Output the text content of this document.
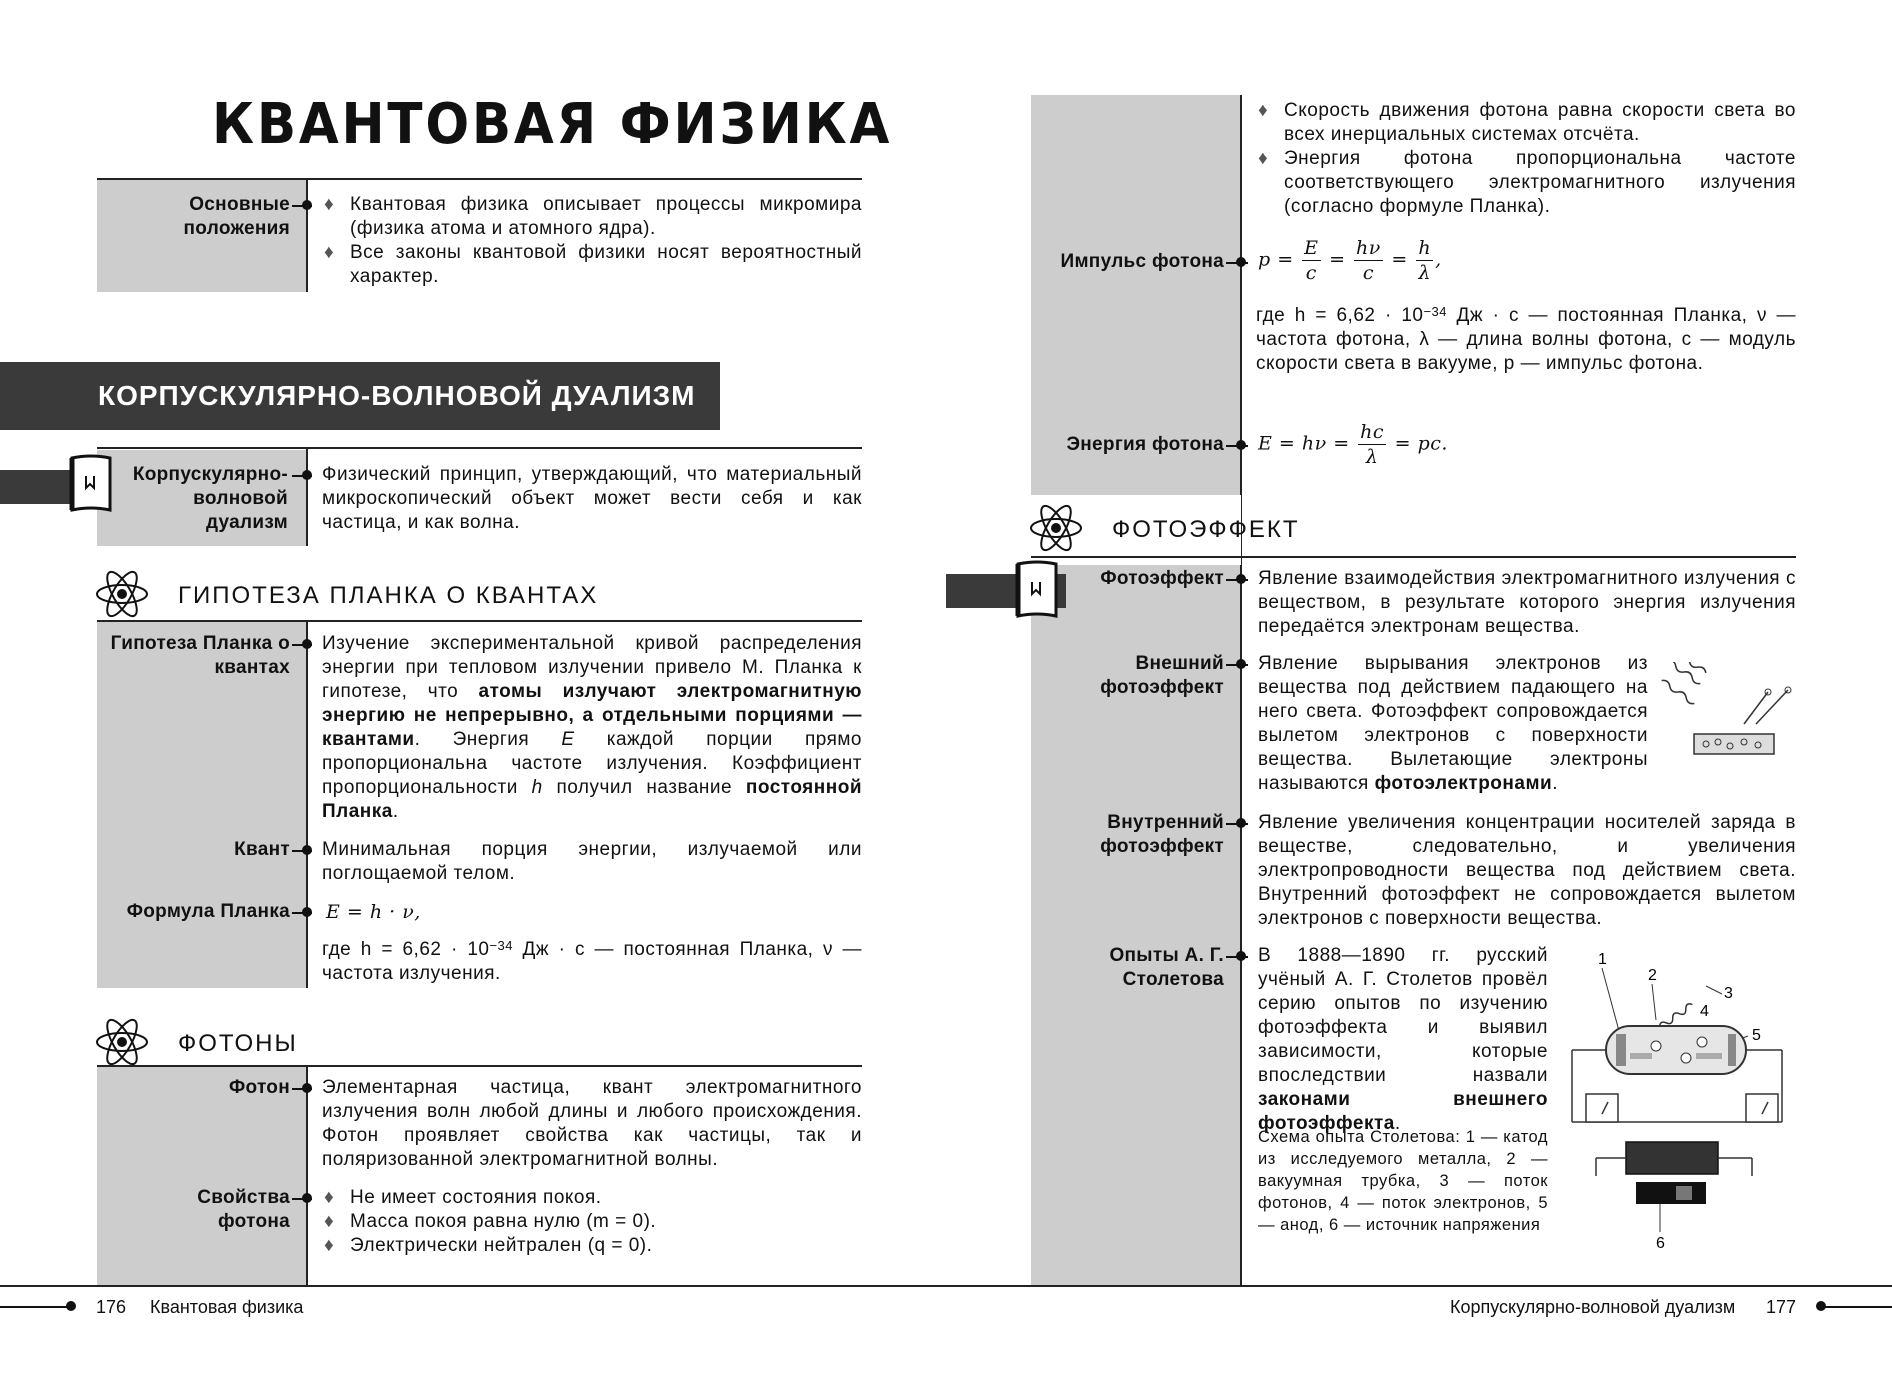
КВАНТОВАЯ ФИЗИКА
Основные положения

♦ Квантовая физика описывает процессы микромира (физика атома и атомного ядра).

♦ Все законы квантовой физики носят вероятностный характер.

КОРПУСКУЛЯРНО-ВОЛНОВОЙ ДУАЛИЗМ
Корпускулярно-волновой дуализм
Физический принцип, утверждающий, что материальный микроскопический объект может вести себя и как частица, и как волна.
ГИПОТЕЗА ПЛАНКА О КВАНТАХ
Гипотеза Планка о квантах
Изучение экспериментальной кривой распределения энергии при тепловом излучении привело М. Планка к гипотезе, что атомы излучают электромагнитную энергию не непрерывно, а отдельными порциями — квантами. Энергия E каждой порции прямо пропорциональна частоте излучения. Коэффициент пропорциональности h получил название постоянной Планка.
Квант Минимальная порция энергии, излучаемой или поглощаемой телом.
Формула Планка E = h · ν,
где $h = 6,62 \cdot 10^{-34}$ Дж · с — постоянная Планка, ν — частота излучения.
ФОТОНЫ
Фотон Элементарная частица, квант электромагнитного излучения волн любой длины и любого происхождения. Фотон проявляет свойства как частицы, так и поляризованной электромагнитной волны.
Свойства фотона

♦ Не имеет состояния покоя.

♦ Масса покоя равна нулю (m = 0).

♦ Электрически нейтрален (q = 0).

176 Квантовая физика

♦ Скорость движения фотона равна скорости света во всех инерциальных системах отсчёта.

♦ Энергия фотона пропорциональна частоте соответствующего электромагнитного излучения (согласно формуле Планка).

Импульс фотона $p = \frac{E}{c} = \frac{h\nu}{c} = \frac{h}{\lambda}$ ,
где $h = 6,62 \cdot 10^{-34}$ Дж · с — постоянная Планка, ν — частота фотона, λ — длина волны фотона, c — модуль скорости света в вакууме, p — импульс фотона.
Энергия фотона $E = h\nu = \frac{hc}{\lambda}$ = pc.
ФОТОЭФФЕКТ
Фотоэффект Явление взаимодействия электромагнитного излучения с веществом, в результате которого энергия излучения передаётся электронам вещества.
Внешний фотоэффект
Явление вырывания электронов из вещества под действием падающего на него света. Фотоэффект сопровождается вылетом электронов с поверхности вещества. Вылетающие электроны называются фотоэлектронами.
Внутренний фотоэффект
Явление увеличения концентрации носителей заряда в веществе, следовательно, и увеличения электропроводности вещества под действием света. Внутренний фотоэффект не сопровождается вылетом электронов с поверхности вещества.
Опыты А. Г. Столетова
В 1888—1890 гг. русский учёный А. Г. Столетов провёл серию опытов по изучению фотоэффекта и выявил зависимости, которые впоследствии назвали законами внешнего фотоэффекта.
Схема опыта Столетова: 1 — катод из исследуемого металла, 2 — вакуумная трубка, 3 — поток фотонов, 4 — поток электронов, 5 — анод, 6 — источник напряжения
1
2
3
4
5
6
Корпускулярно-волновой дуализм 177
